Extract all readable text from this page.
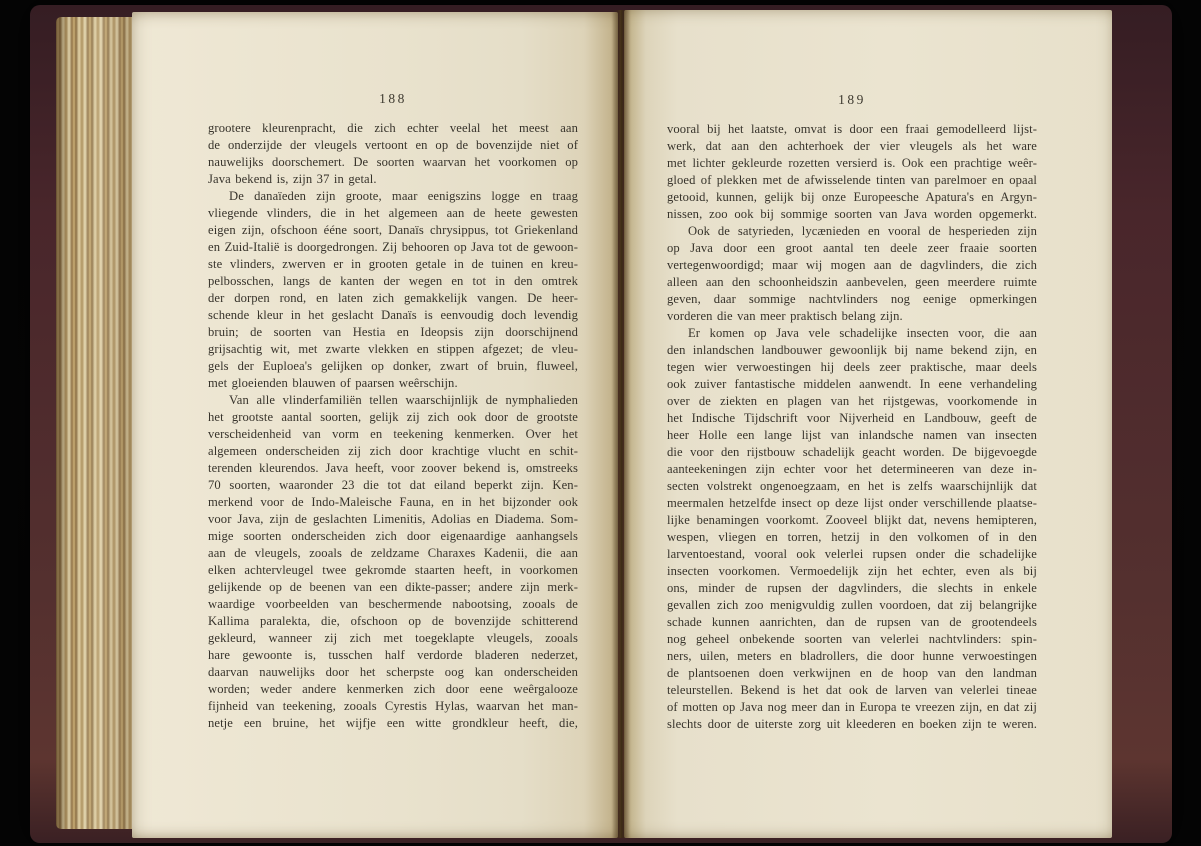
188
grootere kleurenpracht, die zich echter veelal het meest aan
de onderzijde der vleugels vertoont en op de bovenzijde niet of
nauwelijks doorschemert. De soorten waarvan het voorkomen op
Java bekend is, zijn 37 in getal.
De danaïeden zijn groote, maar eenigszins logge en traag
vliegende vlinders, die in het algemeen aan de heete gewesten
eigen zijn, ofschoon ééne soort, Danaïs chrysippus, tot Griekenland
en Zuid-Italië is doorgedrongen. Zij behooren op Java tot de gewoon-
ste vlinders, zwerven er in grooten getale in de tuinen en kreu-
pelbosschen, langs de kanten der wegen en tot in den omtrek
der dorpen rond, en laten zich gemakkelijk vangen. De heer-
schende kleur in het geslacht Danaïs is eenvoudig doch levendig
bruin; de soorten van Hestia en Ideopsis zijn doorschijnend
grijsachtig wit, met zwarte vlekken en stippen afgezet; de vleu-
gels der Euploea's gelijken op donker, zwart of bruin, fluweel,
met gloeienden blauwen of paarsen weêrschijn.
Van alle vlinderfamiliën tellen waarschijnlijk de nymphalieden
het grootste aantal soorten, gelijk zij zich ook door de grootste
verscheidenheid van vorm en teekening kenmerken. Over het
algemeen onderscheiden zij zich door krachtige vlucht en schit-
terenden kleurendos. Java heeft, voor zoover bekend is, omstreeks
70 soorten, waaronder 23 die tot dat eiland beperkt zijn. Ken-
merkend voor de Indo-Maleische Fauna, en in het bijzonder ook
voor Java, zijn de geslachten Limenitis, Adolias en Diadema. Som-
mige soorten onderscheiden zich door eigenaardige aanhangsels
aan de vleugels, zooals de zeldzame Charaxes Kadenii, die aan
elken achtervleugel twee gekromde staarten heeft, in voorkomen
gelijkende op de beenen van een dikte-passer; andere zijn merk-
waardige voorbeelden van beschermende nabootsing, zooals de
Kallima paralekta, die, ofschoon op de bovenzijde schitterend
gekleurd, wanneer zij zich met toegeklapte vleugels, zooals
hare gewoonte is, tusschen half verdorde bladeren nederzet,
daarvan nauwelijks door het scherpste oog kan onderscheiden
worden; weder andere kenmerken zich door eene weêrgalooze
fijnheid van teekening, zooals Cyrestis Hylas, waarvan het man-
netje een bruine, het wijfje een witte grondkleur heeft, die,
189
vooral bij het laatste, omvat is door een fraai gemodelleerd lijst-
werk, dat aan den achterhoek der vier vleugels als het ware
met lichter gekleurde rozetten versierd is. Ook een prachtige weêr-
gloed of plekken met de afwisselende tinten van parelmoer en opaal
getooid, kunnen, gelijk bij onze Europeesche Apatura's en Argyn-
nissen, zoo ook bij sommige soorten van Java worden opgemerkt.
Ook de satyrieden, lycænieden en vooral de hesperieden zijn
op Java door een groot aantal ten deele zeer fraaie soorten
vertegenwoordigd; maar wij mogen aan de dagvlinders, die zich
alleen aan den schoonheidszin aanbevelen, geen meerdere ruimte
geven, daar sommige nachtvlinders nog eenige opmerkingen
vorderen die van meer praktisch belang zijn.
Er komen op Java vele schadelijke insecten voor, die aan
den inlandschen landbouwer gewoonlijk bij name bekend zijn, en
tegen wier verwoestingen hij deels zeer praktische, maar deels
ook zuiver fantastische middelen aanwendt. In eene verhandeling
over de ziekten en plagen van het rijstgewas, voorkomende in
het Indische Tijdschrift voor Nijverheid en Landbouw, geeft de
heer Holle een lange lijst van inlandsche namen van insecten
die voor den rijstbouw schadelijk geacht worden. De bijgevoegde
aanteekeningen zijn echter voor het determineeren van deze in-
secten volstrekt ongenoegzaam, en het is zelfs waarschijnlijk dat
meermalen hetzelfde insect op deze lijst onder verschillende plaatse-
lijke benamingen voorkomt. Zooveel blijkt dat, nevens hemipteren,
wespen, vliegen en torren, hetzij in den volkomen of in den
larventoestand, vooral ook velerlei rupsen onder die schadelijke
insecten voorkomen. Vermoedelijk zijn het echter, even als bij
ons, minder de rupsen der dagvlinders, die slechts in enkele
gevallen zich zoo menigvuldig zullen voordoen, dat zij belangrijke
schade kunnen aanrichten, dan de rupsen van de grootendeels
nog geheel onbekende soorten van velerlei nachtvlinders: spin-
ners, uilen, meters en bladrollers, die door hunne verwoestingen
de plantsoenen doen verkwijnen en de hoop van den landman
teleurstellen. Bekend is het dat ook de larven van velerlei tineae
of motten op Java nog meer dan in Europa te vreezen zijn, en dat zij
slechts door de uiterste zorg uit kleederen en boeken zijn te weren.
